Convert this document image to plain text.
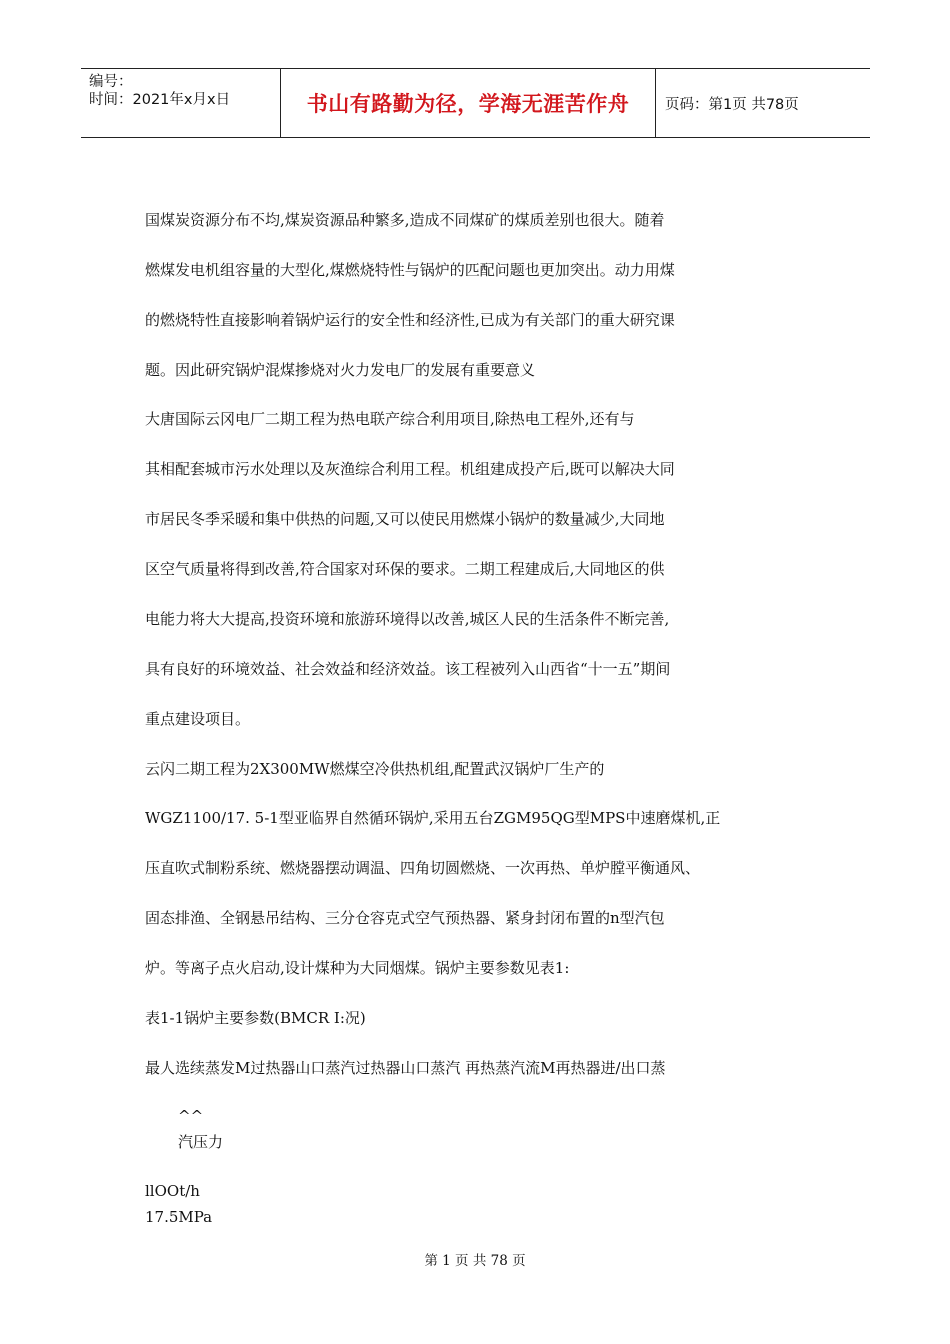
编号：
时间：2021年x月x日	书山有路勤为径，学海无涯苦作舟	页码：第1页 共78页
国煤炭资源分布不均,煤炭资源品种繁多,造成不同煤矿的煤质差别也很大。随着
燃煤发电机组容量的大型化,煤燃烧特性与锅炉的匹配问题也更加突出。动力用煤
的燃烧特性直接影响着锅炉运行的安全性和经济性,已成为有关部门的重大研究课
题。因此研究锅炉混煤掺烧对火力发电厂的发展有重要意义
大唐国际云冈电厂二期工程为热电联产综合利用项目,除热电工程外,还有与
其相配套城市污水处理以及灰渔综合利用工程。机组建成投产后,既可以解决大同
市居民冬季采暖和集中供热的问题,又可以使民用燃煤小锅炉的数量减少,大同地
区空气质量将得到改善,符合国家对环保的要求。二期工程建成后,大同地区的供
电能力将大大提高,投资环境和旅游环境得以改善,城区人民的生活条件不断完善,
具有良好的环境效益、社会效益和经济效益。该工程被列入山西省“十一五”期间
重点建设项目。
云闪二期工程为2X300MW燃煤空冷供热机组,配置武汉锅炉厂生产的
WGZ1100/17. 5-1型亚临界自然循环锅炉,采用五台ZGM95QG型MPS中速磨煤机,正
压直吹式制粉系统、燃烧器摆动调温、四角切圆燃烧、一次再热、单炉膛平衡通风、
固态排渔、全钢悬吊结构、三分仓容克式空气预热器、紧身封闭布置的n型汽包
炉。等离子点火启动,设计煤种为大同烟煤。锅炉主要参数见表1:
表1-1锅炉主要参数(BMCR I:况)
最人选续蒸发M过热器山口蒸汽过热器山口蒸汽 再热蒸汽流M再热器进/出口蒸
^^
汽压力
llOOt/h
17.5MPa
第 1 页 共 78 页
